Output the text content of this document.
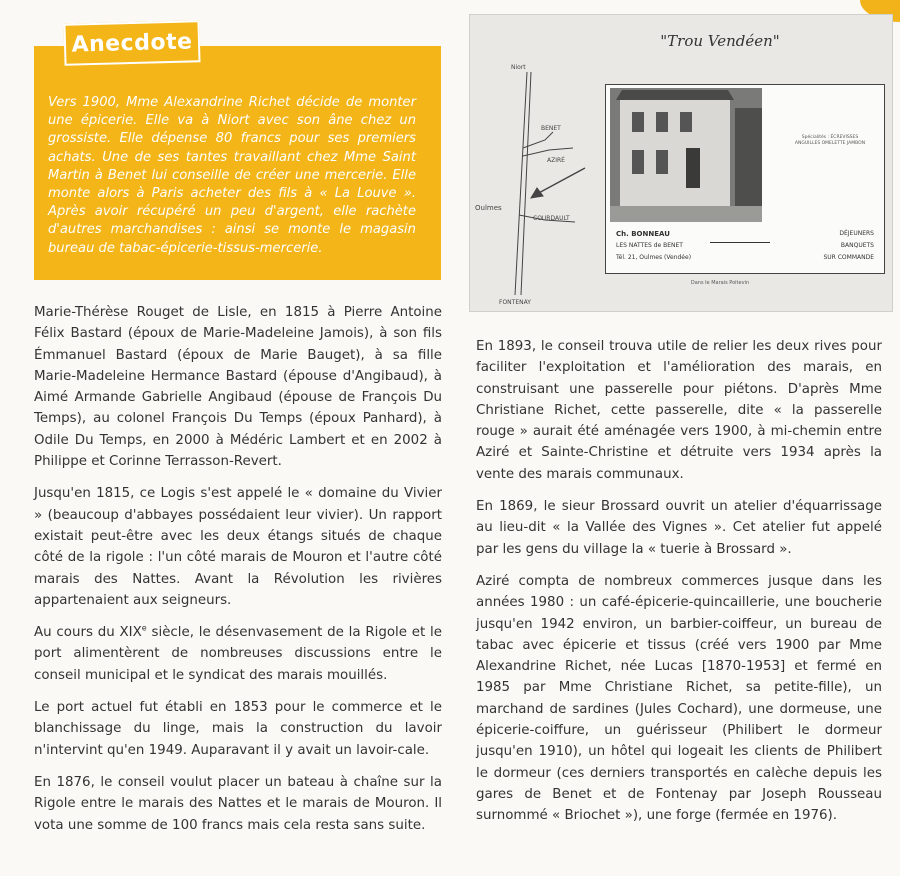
Anecdote

Vers 1900, Mme Alexandrine Richet décide de monter une épicerie. Elle va à Niort avec son âne chez un grossiste. Elle dépense 80 francs pour ses premiers achats. Une de ses tantes travaillant chez Mme Saint Martin à Benet lui conseille de créer une mercerie. Elle monte alors à Paris acheter des fils à « La Louve ». Après avoir récupéré un peu d'argent, elle rachète d'autres marchandises : ainsi se monte le magasin bureau de tabac-épicerie-tissus-mercerie.

Marie-Thérèse Rouget de Lisle, en 1815 à Pierre Antoine Félix Bastard (époux de Marie-Madeleine Jamois), à son fils Émmanuel Bastard (époux de Marie Bauget), à sa fille Marie-Madeleine Hermance Bastard (épouse d'Angibaud), à Aimé Armande Gabrielle Angibaud (épouse de François Du Temps), au colonel François Du Temps (époux Panhard), à Odile Du Temps, en 2000 à Médéric Lambert et en 2002 à Philippe et Corinne Terrasson-Revert.

Jusqu'en 1815, ce Logis s'est appelé le « domaine du Vivier » (beaucoup d'abbayes possédaient leur vivier). Un rapport existait peut-être avec les deux étangs situés de chaque côté de la rigole : l'un côté marais de Mouron et l'autre côté marais des Nattes. Avant la Révolution les rivières appartenaient aux seigneurs.

Au cours du XIXe siècle, le désenvasement de la Rigole et le port alimentèrent de nombreuses discussions entre le conseil municipal et le syndicat des marais mouillés.

Le port actuel fut établi en 1853 pour le commerce et le blanchissage du linge, mais la construction du lavoir n'intervint qu'en 1949. Auparavant il y avait un lavoir-cale.

En 1876, le conseil voulut placer un bateau à chaîne sur la Rigole entre le marais des Nattes et le marais de Mouron. Il vota une somme de 100 francs mais cela resta sans suite.

"Trou Vendéen"
Niort
BENET
AZIRÉ
Oulmes
COURDAULT
FONTENAY
Spécialités : ÉCREVISSES ANGUILLES OMELETTE JAMBON
Ch. BONNEAU
LES NATTES de BENET
Tél. 21, Oulmes (Vendée)
DÉJEUNERS
BANQUETS
SUR COMMANDE
Dans le Marais Poitevin

En 1893, le conseil trouva utile de relier les deux rives pour faciliter l'exploitation et l'amélioration des marais, en construisant une passerelle pour piétons. D'après Mme Christiane Richet, cette passerelle, dite « la passerelle rouge » aurait été aménagée vers 1900, à mi-chemin entre Aziré et Sainte-Christine et détruite vers 1934 après la vente des marais communaux.

En 1869, le sieur Brossard ouvrit un atelier d'équarrissage au lieu-dit « la Vallée des Vignes ». Cet atelier fut appelé par les gens du village la « tuerie à Brossard ».

Aziré compta de nombreux commerces jusque dans les années 1980 : un café-épicerie-quincaillerie, une boucherie jusqu'en 1942 environ, un barbier-coiffeur, un bureau de tabac avec épicerie et tissus (créé vers 1900 par Mme Alexandrine Richet, née Lucas [1870-1953] et fermé en 1985 par Mme Christiane Richet, sa petite-fille), un marchand de sardines (Jules Cochard), une dormeuse, une épicerie-coiffure, un guérisseur (Philibert le dormeur jusqu'en 1910), un hôtel qui logeait les clients de Philibert le dormeur (ces derniers transportés en calèche depuis les gares de Benet et de Fontenay par Joseph Rousseau surnommé « Briochet »), une forge (fermée en 1976).
